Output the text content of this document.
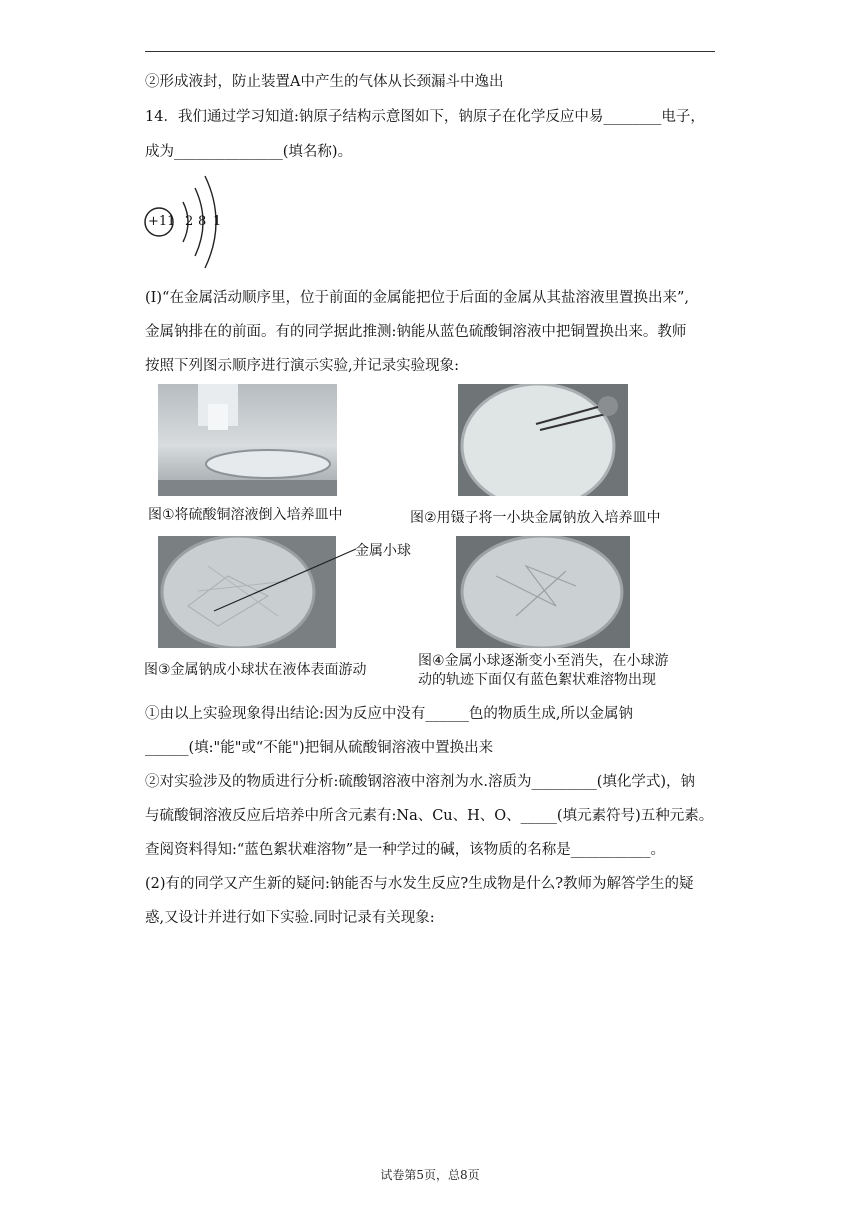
②形成液封，防止装置A中产生的气体从长颈漏斗中逸出
14．我们通过学习知道:钠原子结构示意图如下，钠原子在化学反应中易________电子，
成为_______________(填名称)。
+11 2 8 1
(I)“在金属活动顺序里，位于前面的金属能把位于后面的金属从其盐溶液里置换出来”,
金属钠排在的前面。有的同学据此推测:钠能从蓝色硫酸铜溶液中把铜置换出来。教师
按照下列图示顺序进行演示实验,并记录实验现象:
图①将硫酸铜溶液倒入培养皿中	图②用镊子将一小块金属钠放入培养皿中
金属小球
图③金属钠成小球状在液体表面游动
图④金属小球逐渐变小至消失，在小球游
动的轨迹下面仅有蓝色絮状难溶物出现
①由以上实验现象得出结论:因为反应中没有______色的物质生成,所以金属钠
______(填:"能"或“不能")把铜从硫酸铜溶液中置换出来
②对实验涉及的物质进行分析:硫酸钢溶液中溶剂为水.溶质为_________(填化学式)，钠
与硫酸铜溶液反应后培养中所含元素有:Na、Cu、H、O、_____(填元素符号)五种元素。
查阅资料得知:“蓝色絮状难溶物”是一种学过的碱，该物质的名称是___________。
(2)有的同学又产生新的疑问:钠能否与水发生反应?生成物是什么?教师为解答学生的疑
惑,又设计并进行如下实验.同时记录有关现象:
试卷第5页，总8页
